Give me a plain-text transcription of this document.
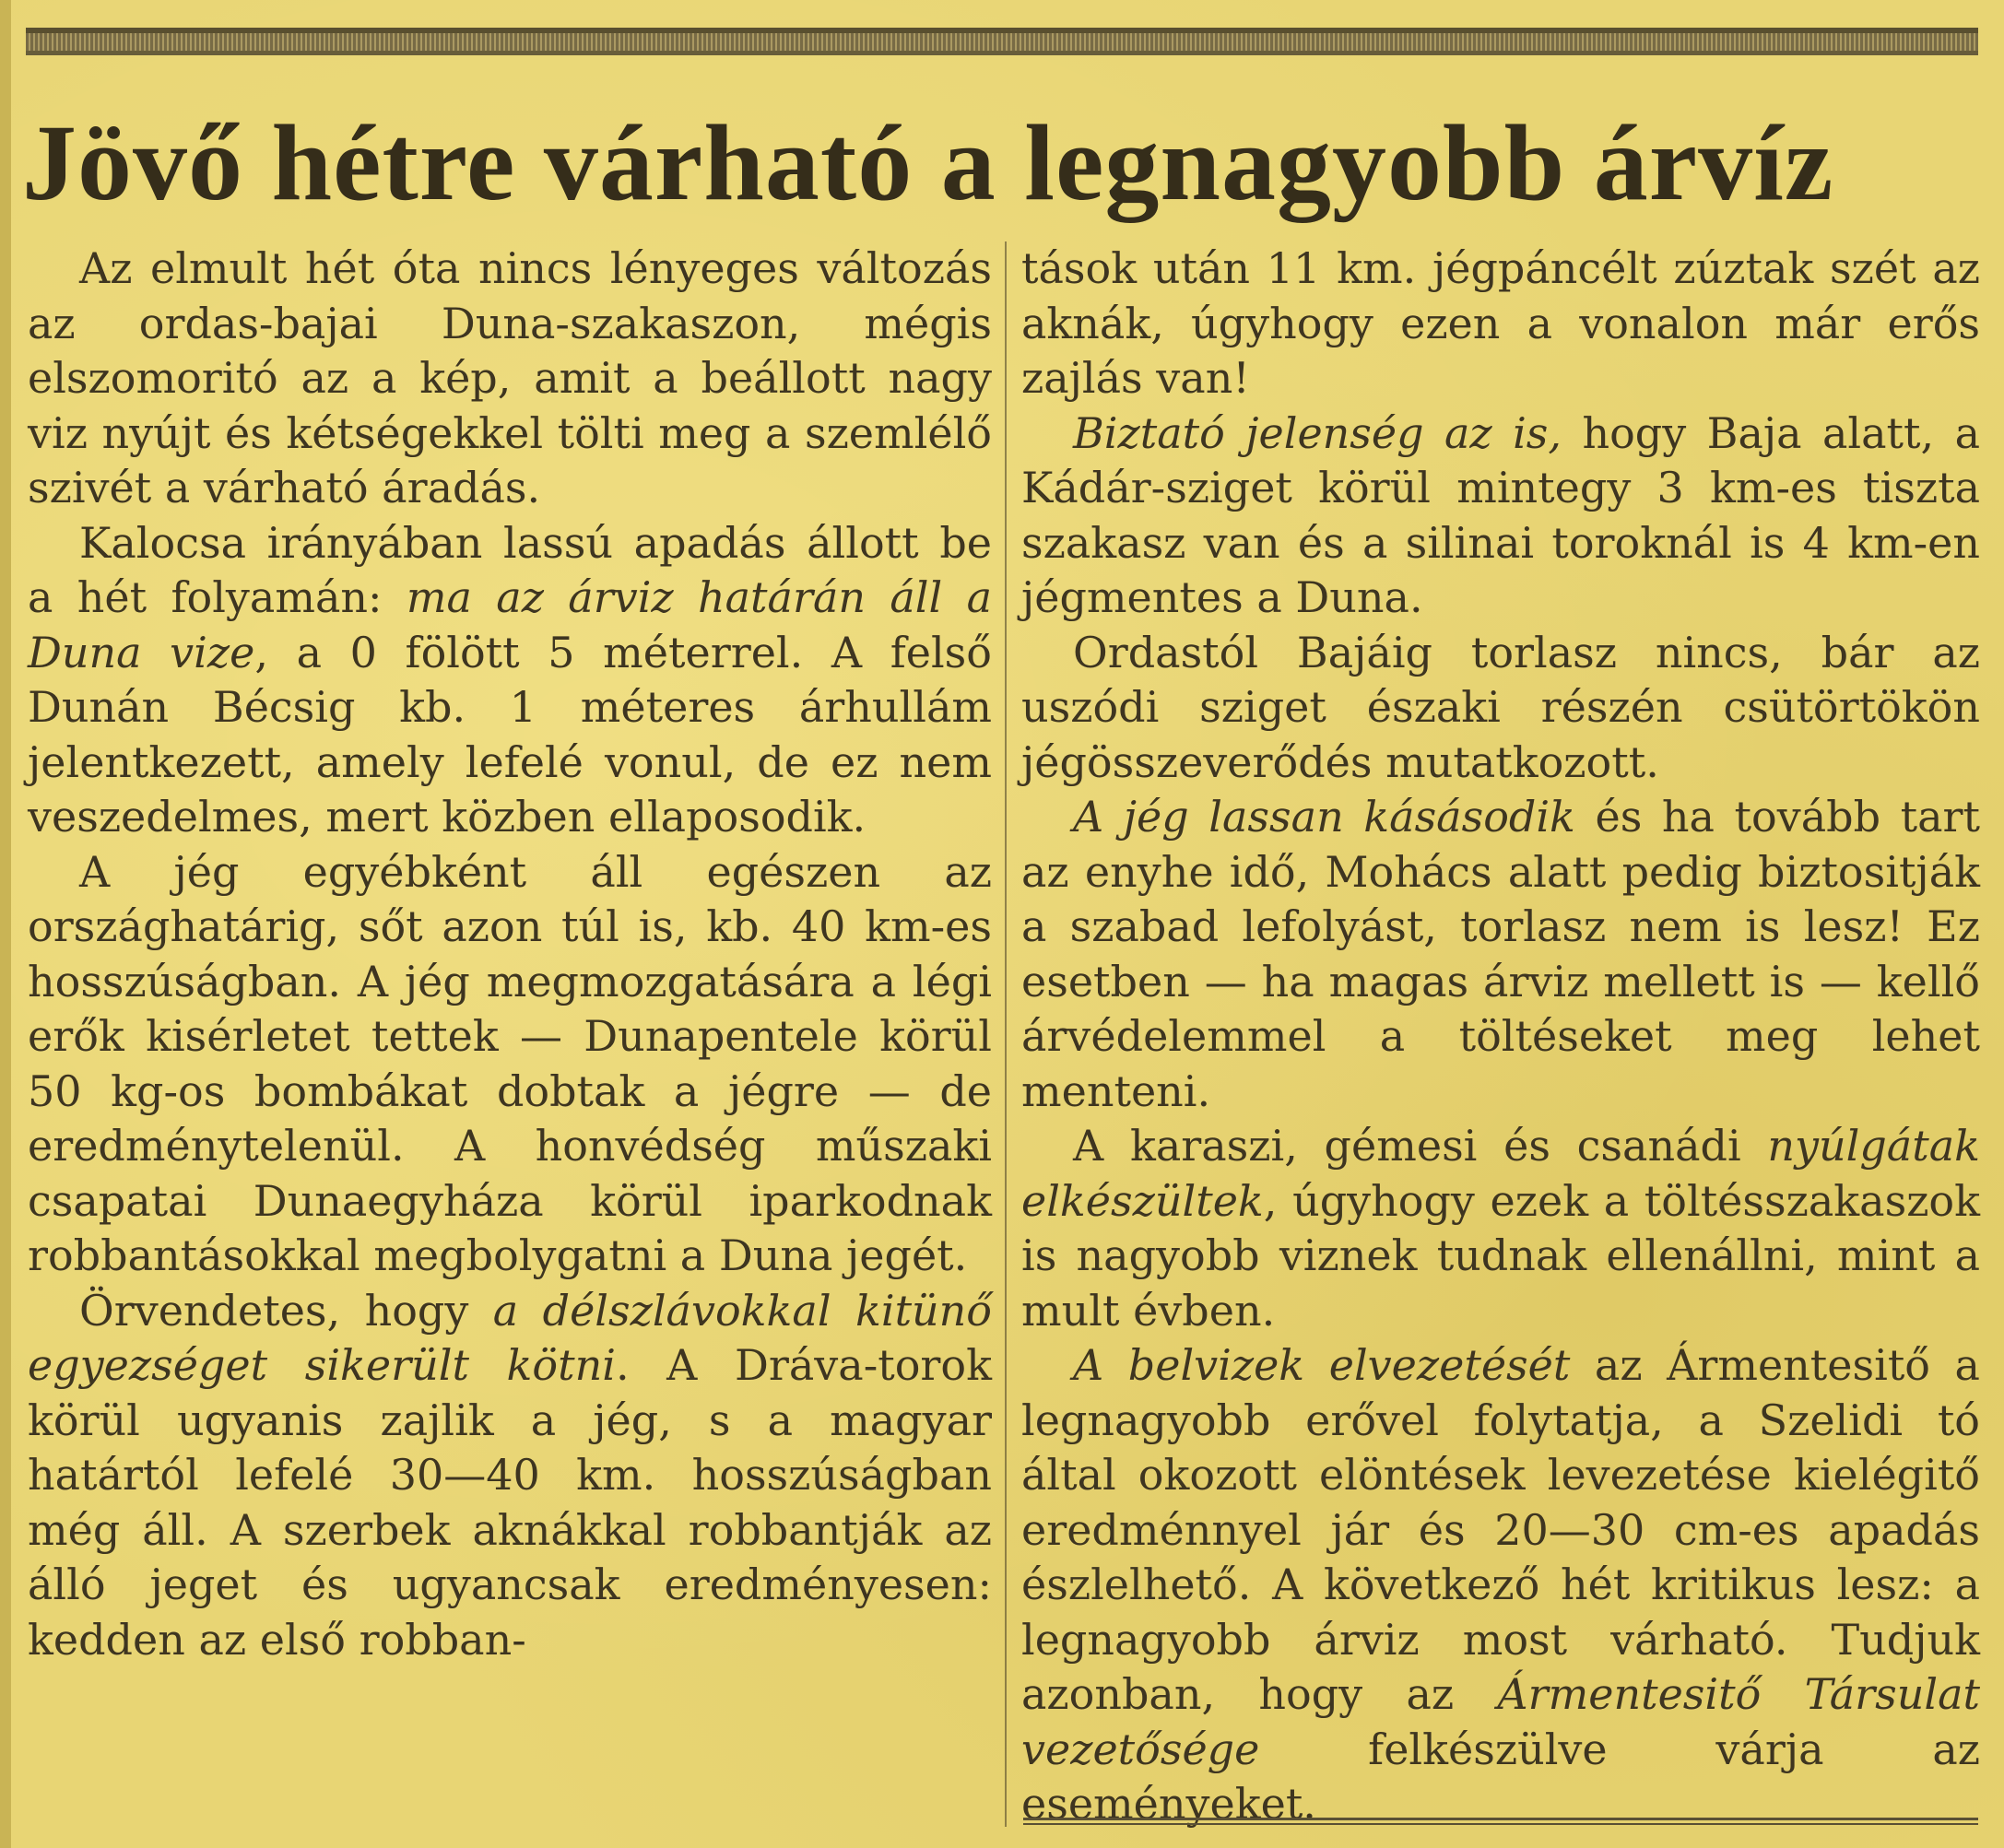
Jövő hétre várható a legnagyobb árvíz

Az elmult hét óta nincs lényeges változás az ordas-bajai Duna-szakaszon, mégis elszomoritó az a kép, amit a beállott nagy viz nyújt és kétségekkel tölti meg a szemlélő szivét a várható áradás.

Kalocsa irányában lassú apadás állott be a hét folyamán: ma az árviz határán áll a Duna vize, a 0 fölött 5 méterrel. A felső Dunán Bécsig kb. 1 méteres árhullám jelentkezett, amely lefelé vonul, de ez nem veszedelmes, mert közben ellaposodik.

A jég egyébként áll egészen az országhatárig, sőt azon túl is, kb. 40 km-es hosszúságban. A jég megmozgatására a légi erők kisérletet tettek — Dunapentele körül 50 kg-os bombákat dobtak a jégre — de eredménytelenül. A honvédség műszaki csapatai Dunaegyháza körül iparkodnak robbantásokkal megbolygatni a Duna jegét.

Örvendetes, hogy a délszlávokkal kitünő egyezséget sikerült kötni. A Dráva-torok körül ugyanis zajlik a jég, s a magyar határtól lefelé 30—40 km. hosszúságban még áll. A szerbek aknákkal robbantják az álló jeget és ugyancsak eredményesen: kedden az első robban-

tások után 11 km. jégpáncélt zúztak szét az aknák, úgyhogy ezen a vonalon már erős zajlás van!

Biztató jelenség az is, hogy Baja alatt, a Kádár-sziget körül mintegy 3 km-es tiszta szakasz van és a silinai toroknál is 4 km-en jégmentes a Duna.

Ordastól Bajáig torlasz nincs, bár az uszódi sziget északi részén csütörtökön jégösszeverődés mutatkozott.

A jég lassan kásásodik és ha tovább tart az enyhe idő, Mohács alatt pedig biztositják a szabad lefolyást, torlasz nem is lesz! Ez esetben — ha magas árviz mellett is — kellő árvédelemmel a töltéseket meg lehet menteni.

A karaszi, gémesi és csanádi nyúlgátak elkészültek, úgyhogy ezek a töltésszakaszok is nagyobb viznek tudnak ellenállni, mint a mult évben.

A belvizek elvezetését az Ármentesitő a legnagyobb erővel folytatja, a Szelidi tó által okozott elöntések levezetése kielégitő eredménnyel jár és 20—30 cm-es apadás észlelhető. A következő hét kritikus lesz: a legnagyobb árviz most várható. Tudjuk azonban, hogy az Ármentesitő Társulat vezetősége felkészülve várja az eseményeket.
